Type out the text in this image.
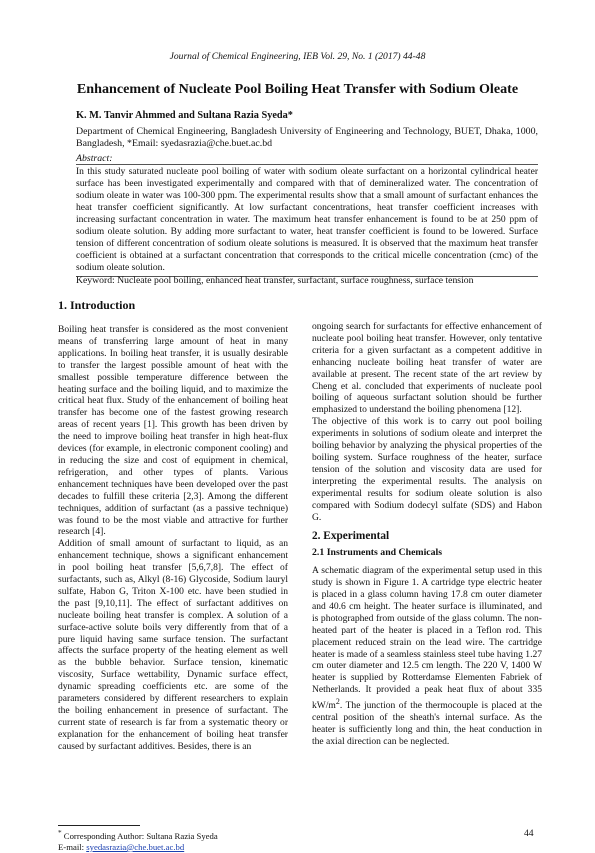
Journal of Chemical Engineering, IEB Vol. 29, No. 1 (2017) 44-48
Enhancement of Nucleate Pool Boiling Heat Transfer with Sodium Oleate
K. M. Tanvir Ahmmed and Sultana Razia Syeda*
Department of Chemical Engineering, Bangladesh University of Engineering and Technology, BUET, Dhaka, 1000, Bangladesh, *Email: syedasrazia@che.buet.ac.bd
Abstract:

In this study saturated nucleate pool boiling of water with sodium oleate surfactant on a horizontal cylindrical heater surface has been investigated experimentally and compared with that of demineralized water. The concentration of sodium oleate in water was 100-300 ppm. The experimental results show that a small amount of surfactant enhances the heat transfer coefficient significantly. At low surfactant concentrations, heat transfer coefficient increases with increasing surfactant concentration in water. The maximum heat transfer enhancement is found to be at 250 ppm of sodium oleate solution. By adding more surfactant to water, heat transfer coefficient is found to be lowered. Surface tension of different concentration of sodium oleate solutions is measured. It is observed that the maximum heat transfer coefficient is obtained at a surfactant concentration that corresponds to the critical micelle concentration (cmc) of the sodium oleate solution.

Keyword: Nucleate pool boiling, enhanced heat transfer, surfactant, surface roughness, surface tension
1. Introduction

Boiling heat transfer is considered as the most convenient means of transferring large amount of heat in many applications. In boiling heat transfer, it is usually desirable to transfer the largest possible amount of heat with the smallest possible temperature difference between the heating surface and the boiling liquid, and to maximize the critical heat flux. Study of the enhancement of boiling heat transfer has become one of the fastest growing research areas of recent years [1]. This growth has been driven by the need to improve boiling heat transfer in high heat-flux devices (for example, in electronic component cooling) and in reducing the size and cost of equipment in chemical, refrigeration, and other types of plants. Various enhancement techniques have been developed over the past decades to fulfill these criteria [2,3]. Among the different techniques, addition of surfactant (as a passive technique) was found to be the most viable and attractive for further research [4].

Addition of small amount of surfactant to liquid, as an enhancement technique, shows a significant enhancement in pool boiling heat transfer [5,6,7,8]. The effect of surfactants, such as, Alkyl (8-16) Glycoside, Sodium lauryl sulfate, Habon G, Triton X-100 etc. have been studied in the past [9,10,11]. The effect of surfactant additives on nucleate boiling heat transfer is complex. A solution of a surface-active solute boils very differently from that of a pure liquid having same surface tension. The surfactant affects the surface property of the heating element as well as the bubble behavior. Surface tension, kinematic viscosity, Surface wettability, Dynamic surface effect, dynamic spreading coefficients etc. are some of the parameters considered by different researchers to explain the boiling enhancement in presence of surfactant. The current state of research is far from a systematic theory or explanation for the enhancement of boiling heat transfer caused by surfactant additives. Besides, there is an

ongoing search for surfactants for effective enhancement of nucleate pool boiling heat transfer. However, only tentative criteria for a given surfactant as a competent additive in enhancing nucleate boiling heat transfer of water are available at present. The recent state of the art review by Cheng et al. concluded that experiments of nucleate pool boiling of aqueous surfactant solution should be further emphasized to understand the boiling phenomena [12].

The objective of this work is to carry out pool boiling experiments in solutions of sodium oleate and interpret the boiling behavior by analyzing the physical properties of the boiling system. Surface roughness of the heater, surface tension of the solution and viscosity data are used for interpreting the experimental results. The analysis on experimental results for sodium oleate solution is also compared with Sodium dodecyl sulfate (SDS) and Habon G.

2. Experimental
2.1 Instruments and Chemicals

A schematic diagram of the experimental setup used in this study is shown in Figure 1. A cartridge type electric heater is placed in a glass column having 17.8 cm outer diameter and 40.6 cm height. The heater surface is illuminated, and is photographed from outside of the glass column. The non-heated part of the heater is placed in a Teflon rod. This placement reduced strain on the lead wire. The cartridge heater is made of a seamless stainless steel tube having 1.27 cm outer diameter and 12.5 cm length. The 220 V, 1400 W heater is supplied by Rotterdamse Elementen Fabriek of Netherlands. It provided a peak heat flux of about 335 $kW/m^2$. The junction of the thermocouple is placed at the central position of the sheath's internal surface. As the heater is sufficiently long and thin, the heat conduction in the axial direction can be neglected.

* Corresponding Author: Sultana Razia Syeda
E-mail: syedasrazia@che.buet.ac.bd
44
